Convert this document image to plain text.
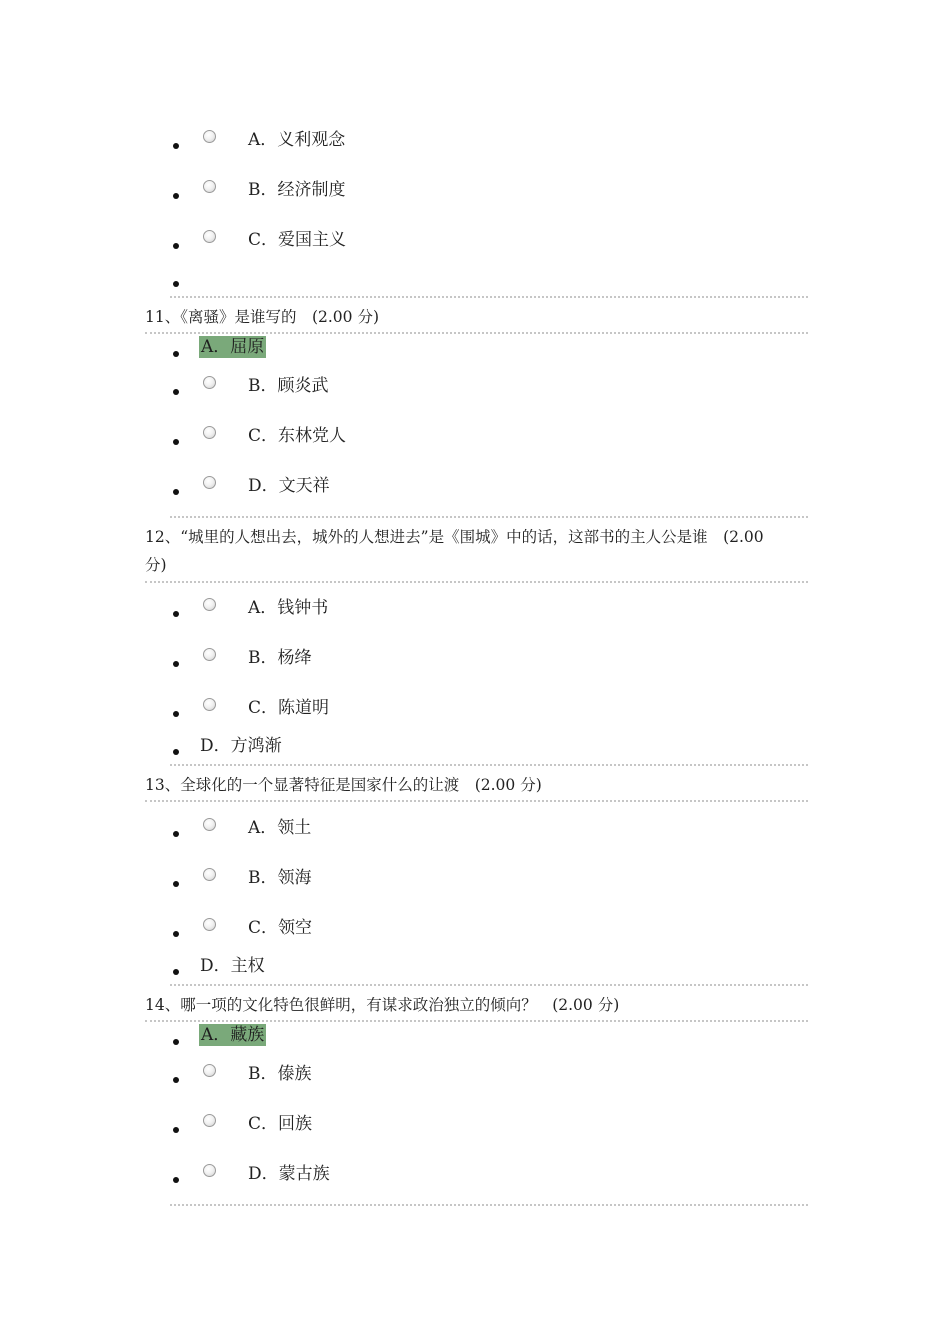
A．义利观念
B．经济制度
C．爱国主义
11、《离骚》是谁写的　(2.00 分)
A．屈原
B．顾炎武
C．东林党人
D．文天祥
12、“城里的人想出去，城外的人想进去”是《围城》中的话，这部书的主人公是谁　(2.00
分)
A．钱钟书
B．杨绛
C．陈道明
D．方鸿渐
13、全球化的一个显著特征是国家什么的让渡　(2.00 分)
A．领土
B．领海
C．领空
D．主权
14、哪一项的文化特色很鲜明，有谋求政治独立的倾向？　(2.00 分)
A．藏族
B．傣族
C．回族
D．蒙古族
